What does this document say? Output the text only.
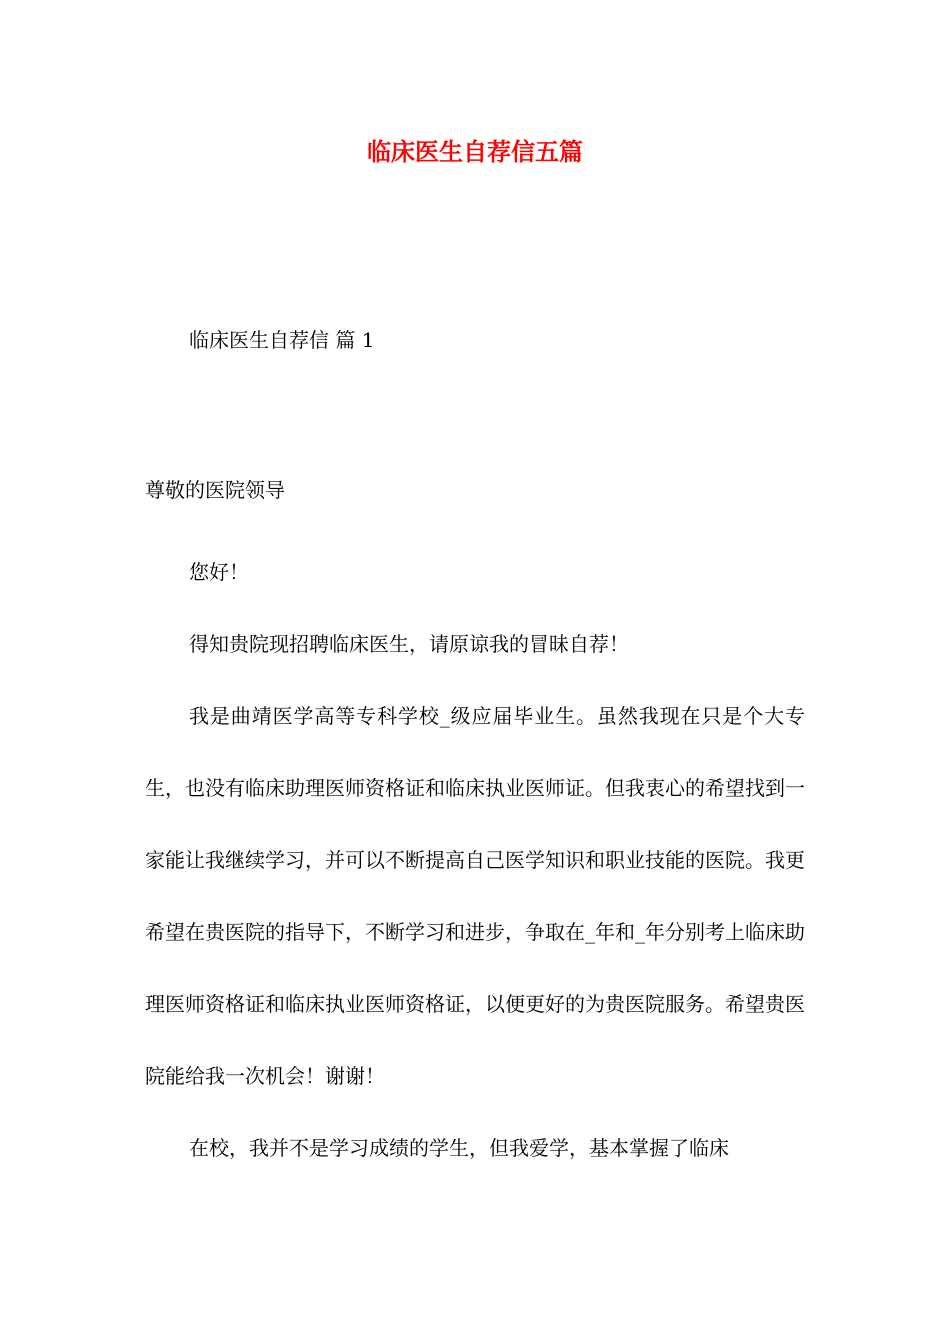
临床医生自荐信五篇
临床医生自荐信 篇 1
尊敬的医院领导

您好！

得知贵院现招聘临床医生，请原谅我的冒昧自荐！

我是曲靖医学高等专科学校_级应届毕业生。虽然我现在只是个大专生，也没有临床助理医师资格证和临床执业医师证。但我衷心的希望找到一家能让我继续学习，并可以不断提高自己医学知识和职业技能的医院。我更希望在贵医院的指导下，不断学习和进步，争取在_年和_年分别考上临床助理医师资格证和临床执业医师资格证，以便更好的为贵医院服务。希望贵医院能给我一次机会！谢谢！

在校，我并不是学习成绩的学生，但我爱学，基本掌握了临床
